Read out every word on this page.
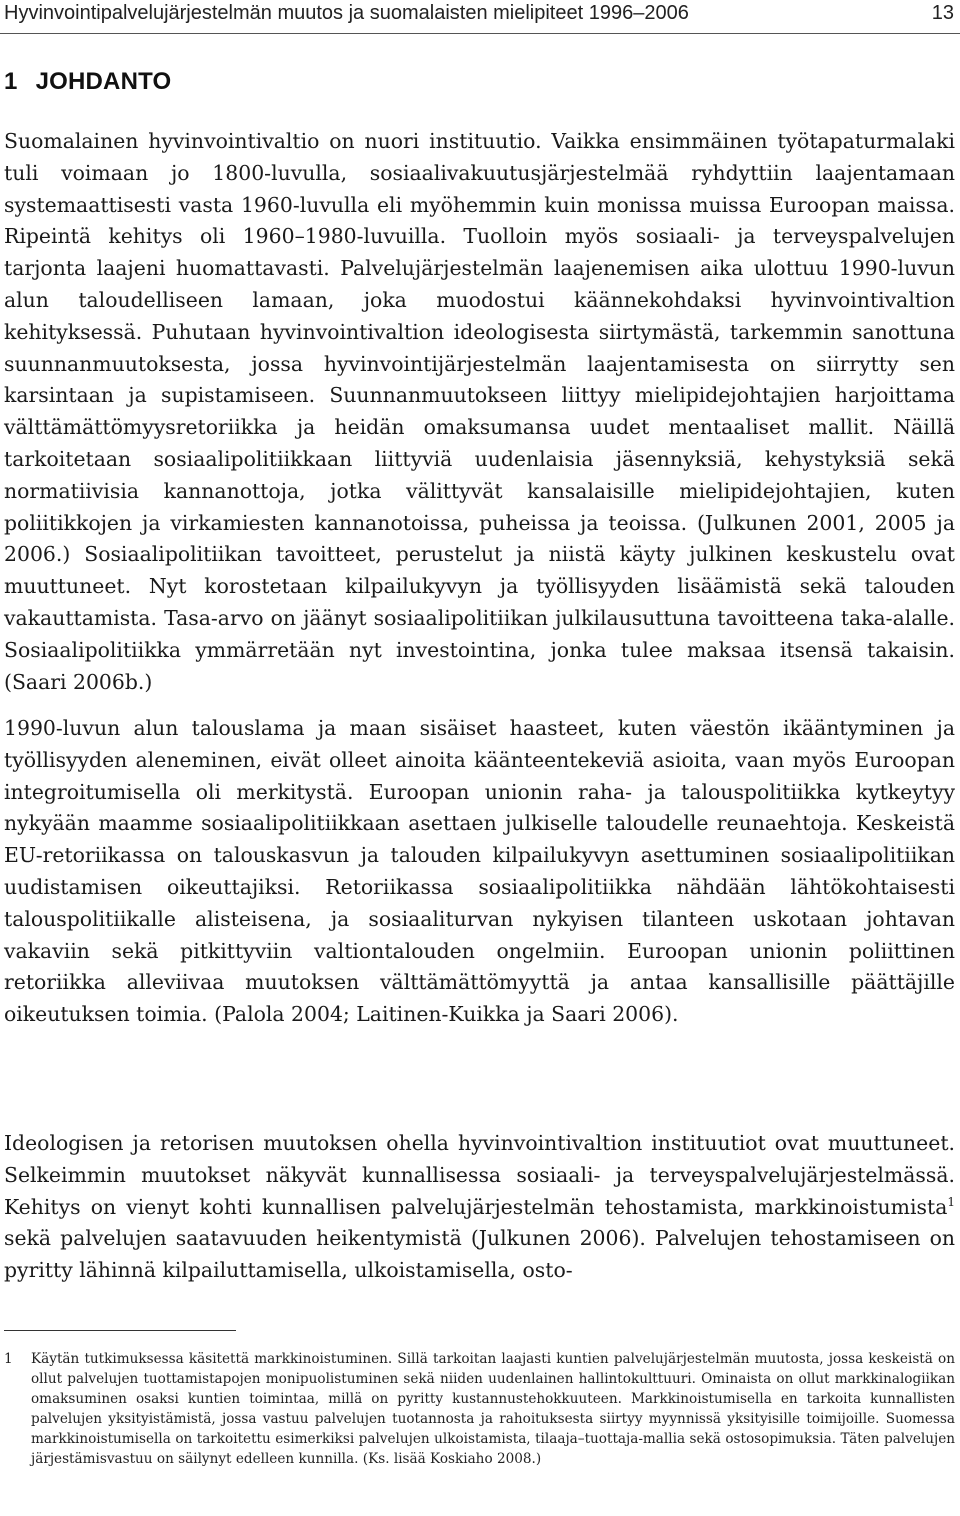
Hyvinvointipalvelujärjestelmän muutos ja suomalaisten mielipiteet 1996–2006	13
1 JOHDANTO
Suomalainen hyvinvointivaltio on nuori instituutio. Vaikka ensimmäinen työtapaturmalaki tuli voimaan jo 1800-luvulla, sosiaalivakuutusjärjestelmää ryhdyttiin laajentamaan systemaattisesti vasta 1960-luvulla eli myöhemmin kuin monissa muissa Euroopan maissa. Ripeintä kehitys oli 1960–1980-luvuilla. Tuolloin myös sosiaali- ja terveyspalvelujen tarjonta laajeni huomattavasti. Palvelujärjestelmän laajenemisen aika ulottuu 1990-luvun alun taloudelliseen lamaan, joka muodostui käännekohdaksi hyvinvointivaltion kehityksessä. Puhutaan hyvinvointivaltion ideologisesta siirtymästä, tarkemmin sanottuna suunnanmuutoksesta, jossa hyvinvointijärjestelmän laajentamisesta on siirrytty sen karsintaan ja supistamiseen. Suunnanmuutokseen liittyy mielipidejohtajien harjoittama välttämättömyysretoriikka ja heidän omaksumansa uudet mentaaliset mallit. Näillä tarkoitetaan sosiaalipolitiikkaan liittyviä uudenlaisia jäsennyksiä, kehystyksiä sekä normatiivisia kannanottoja, jotka välittyvät kansalaisille mielipidejohtajien, kuten poliitikkojen ja virkamiesten kannanotoissa, puheissa ja teoissa. (Julkunen 2001, 2005 ja 2006.) Sosiaalipolitiikan tavoitteet, perustelut ja niistä käyty julkinen keskustelu ovat muuttuneet. Nyt korostetaan kilpailukyvyn ja työllisyyden lisäämistä sekä talouden vakauttamista. Tasa-arvo on jäänyt sosiaalipolitiikan julkilausuttuna tavoitteena taka-alalle. Sosiaalipolitiikka ymmärretään nyt investointina, jonka tulee maksaa itsensä takaisin. (Saari 2006b.)
1990-luvun alun talouslama ja maan sisäiset haasteet, kuten väestön ikääntyminen ja työllisyyden aleneminen, eivät olleet ainoita käänteentekeviä asioita, vaan myös Euroopan integroitumisella oli merkitystä. Euroopan unionin raha- ja talouspolitiikka kytkeytyy nykyään maamme sosiaalipolitiikkaan asettaen julkiselle taloudelle reunaehtoja. Keskeistä EU-retoriikassa on talouskasvun ja talouden kilpailukyvyn asettuminen sosiaalipolitiikan uudistamisen oikeuttajiksi. Retoriikassa sosiaalipolitiikka nähdään lähtökohtaisesti talouspolitiikalle alisteisena, ja sosiaaliturvan nykyisen tilanteen uskotaan johtavan vakaviin sekä pitkittyviin valtiontalouden ongelmiin. Euroopan unionin poliittinen retoriikka alleviivaa muutoksen välttämättömyyttä ja antaa kansallisille päättäjille oikeutuksen toimia. (Palola 2004; Laitinen-Kuikka ja Saari 2006).
Ideologisen ja retorisen muutoksen ohella hyvinvointivaltion instituutiot ovat muuttuneet. Selkeimmin muutokset näkyvät kunnallisessa sosiaali- ja terveyspalvelujärjestelmässä. Kehitys on vienyt kohti kunnallisen palvelujärjestelmän tehostamista, markkinoistumista$^1$ sekä palvelujen saatavuuden heikentymistä (Julkunen 2006). Palvelujen tehostamiseen on pyritty lähinnä kilpailuttamisella, ulkoistamisella, osto-
1 Käytän tutkimuksessa käsitettä markkinoistuminen. Sillä tarkoitan laajasti kuntien palvelujärjestelmän muutosta, jossa keskeistä on ollut palvelujen tuottamistapojen monipuolistuminen sekä niiden uudenlainen hallintokulttuuri. Ominaista on ollut markkinalogiikan omaksuminen osaksi kuntien toimintaa, millä on pyritty kustannustehokkuuteen. Markkinoistumisella en tarkoita kunnallisten palvelujen yksityistämistä, jossa vastuu palvelujen tuotannosta ja rahoituksesta siirtyy myynnissä yksityisille toimijoille. Suomessa markkinoistumisella on tarkoitettu esimerkiksi palvelujen ulkoistamista, tilaaja–tuottaja-mallia sekä ostosopimuksia. Täten palvelujen järjestämisvastuu on säilynyt edelleen kunnilla. (Ks. lisää Koskiaho 2008.)
